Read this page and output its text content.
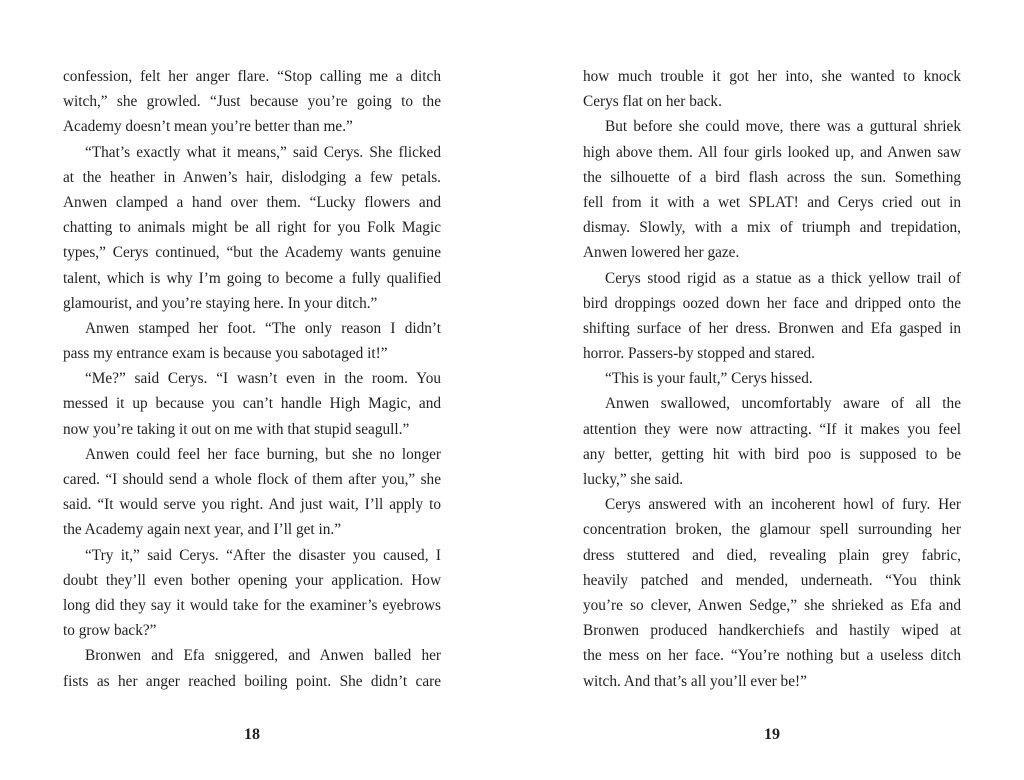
confession, felt her anger flare. “Stop calling me a ditch
witch,” she growled. “Just because you’re going to the
Academy doesn’t mean you’re better than me.”
“That’s exactly what it means,” said Cerys. She flicked
at the heather in Anwen’s hair, dislodging a few petals.
Anwen clamped a hand over them. “Lucky flowers and
chatting to animals might be all right for you Folk Magic
types,” Cerys continued, “but the Academy wants genuine
talent, which is why I’m going to become a fully qualified
glamourist, and you’re staying here. In your ditch.”
Anwen stamped her foot. “The only reason I didn’t
pass my entrance exam is because you sabotaged it!”
“Me?” said Cerys. “I wasn’t even in the room. You
messed it up because you can’t handle High Magic, and
now you’re taking it out on me with that stupid seagull.”
Anwen could feel her face burning, but she no longer
cared. “I should send a whole flock of them after you,” she
said. “It would serve you right. And just wait, I’ll apply to
the Academy again next year, and I’ll get in.”
“Try it,” said Cerys. “After the disaster you caused, I
doubt they’ll even bother opening your application. How
long did they say it would take for the examiner’s eyebrows
to grow back?”
Bronwen and Efa sniggered, and Anwen balled her
fists as her anger reached boiling point. She didn’t care
how much trouble it got her into, she wanted to knock
Cerys flat on her back.
But before she could move, there was a guttural shriek
high above them. All four girls looked up, and Anwen saw
the silhouette of a bird flash across the sun. Something
fell from it with a wet SPLAT! and Cerys cried out in
dismay. Slowly, with a mix of triumph and trepidation,
Anwen lowered her gaze.
Cerys stood rigid as a statue as a thick yellow trail of
bird droppings oozed down her face and dripped onto the
shifting surface of her dress. Bronwen and Efa gasped in
horror. Passers-by stopped and stared.
“This is your fault,” Cerys hissed.
Anwen swallowed, uncomfortably aware of all the
attention they were now attracting. “If it makes you feel
any better, getting hit with bird poo is supposed to be
lucky,” she said.
Cerys answered with an incoherent howl of fury. Her
concentration broken, the glamour spell surrounding her
dress stuttered and died, revealing plain grey fabric,
heavily patched and mended, underneath. “You think
you’re so clever, Anwen Sedge,” she shrieked as Efa and
Bronwen produced handkerchiefs and hastily wiped at
the mess on her face. “You’re nothing but a useless ditch
witch. And that’s all you’ll ever be!”
18	19
